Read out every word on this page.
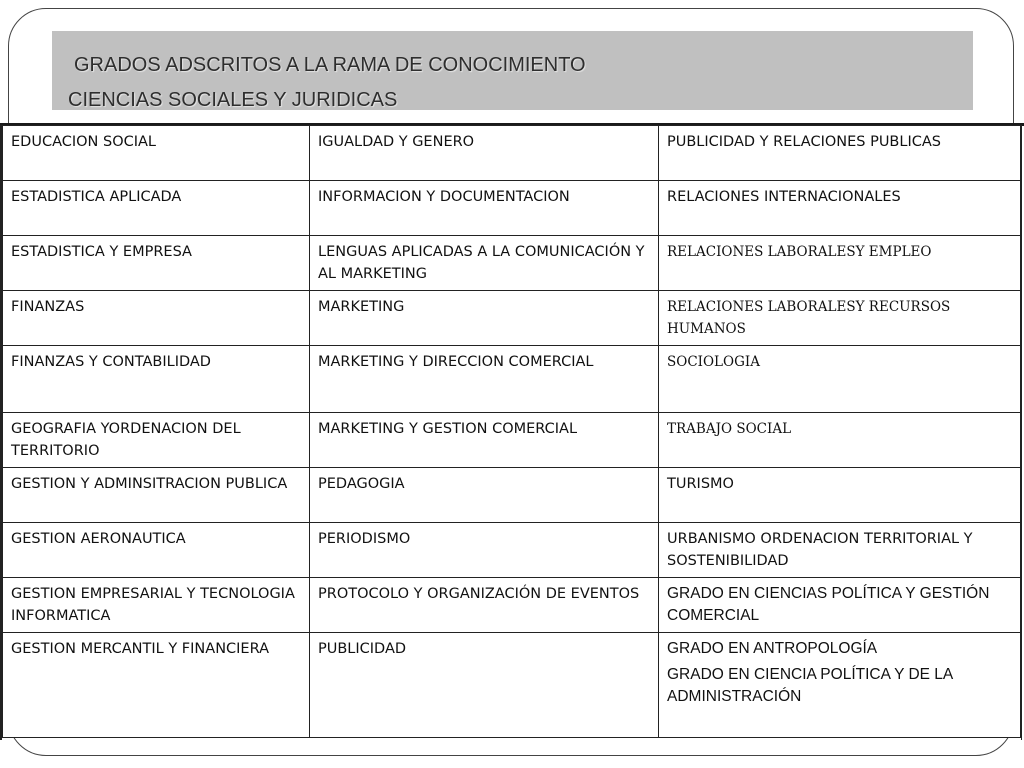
GRADOS ADSCRITOS A LA RAMA DE CONOCIMIENTO
CIENCIAS SOCIALES Y JURIDICAS
EDUCACION SOCIAL	IGUALDAD Y GENERO	PUBLICIDAD Y RELACIONES PUBLICAS
ESTADISTICA APLICADA	INFORMACION Y DOCUMENTACION	RELACIONES INTERNACIONALES
ESTADISTICA Y EMPRESA	LENGUAS APLICADAS A LA COMUNICACIÓN Y AL MARKETING	RELACIONES LABORALESY EMPLEO
FINANZAS	MARKETING	RELACIONES LABORALESY RECURSOS HUMANOS
FINANZAS Y CONTABILIDAD	MARKETING Y DIRECCION COMERCIAL	SOCIOLOGIA
GEOGRAFIA YORDENACION DEL TERRITORIO	MARKETING Y GESTION COMERCIAL	TRABAJO SOCIAL
GESTION Y ADMINSITRACION PUBLICA	PEDAGOGIA	TURISMO
GESTION AERONAUTICA	PERIODISMO	URBANISMO ORDENACION TERRITORIAL Y SOSTENIBILIDAD
GESTION EMPRESARIAL Y TECNOLOGIA INFORMATICA	PROTOCOLO Y ORGANIZACIÓN DE EVENTOS	GRADO EN CIENCIAS POLÍTICA Y GESTIÓN COMERCIAL
GESTION MERCANTIL Y FINANCIERA	PUBLICIDAD	GRADO EN ANTROPOLOGÍA
GRADO EN CIENCIA POLÍTICA Y DE LA ADMINISTRACIÓN
